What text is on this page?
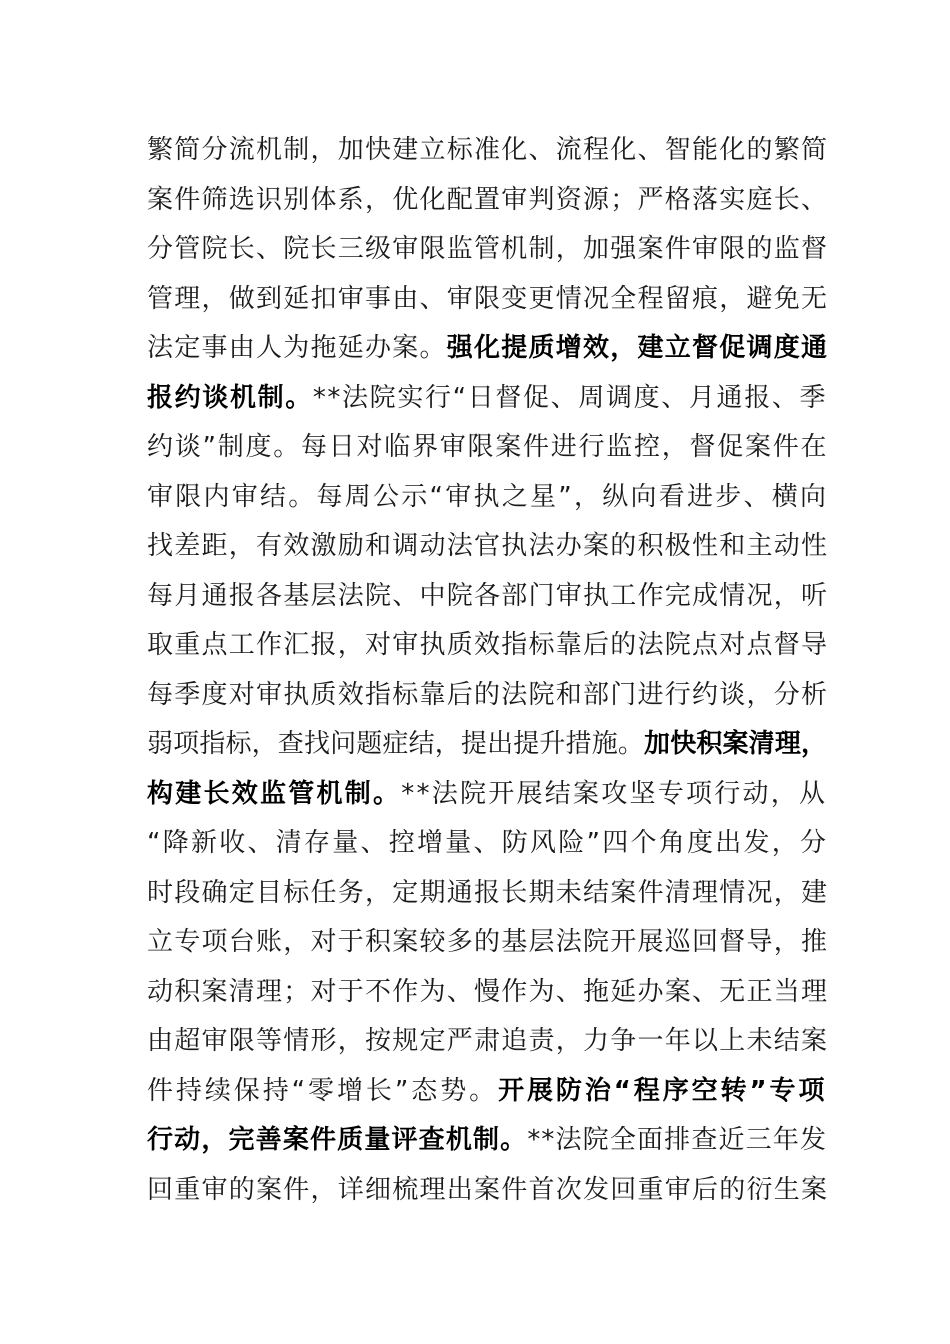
繁简分流机制，加快建立标准化、流程化、智能化的繁简
案件筛选识别体系，优化配置审判资源；严格落实庭长、
分管院长、院长三级审限监管机制，加强案件审限的监督
管理，做到延扣审事由、审限变更情况全程留痕，避免无
法定事由人为拖延办案。强化提质增效，建立督促调度通
报约谈机制。**法院实行“日督促、周调度、月通报、季
约谈”制度。每日对临界审限案件进行监控，督促案件在
审限内审结。每周公示“审执之星”，纵向看进步、横向
找差距，有效激励和调动法官执法办案的积极性和主动性
每月通报各基层法院、中院各部门审执工作完成情况，听
取重点工作汇报，对审执质效指标靠后的法院点对点督导
每季度对审执质效指标靠后的法院和部门进行约谈，分析
弱项指标，查找问题症结，提出提升措施。加快积案清理，
构建长效监管机制。**法院开展结案攻坚专项行动，从
“降新收、清存量、控增量、防风险”四个角度出发，分
时段确定目标任务，定期通报长期未结案件清理情况，建
立专项台账，对于积案较多的基层法院开展巡回督导，推
动积案清理；对于不作为、慢作为、拖延办案、无正当理
由超审限等情形，按规定严肃追责，力争一年以上未结案
件持续保持“零增长”态势。开展防治“程序空转”专项
行动，完善案件质量评查机制。**法院全面排查近三年发
回重审的案件，详细梳理出案件首次发回重审后的衍生案
